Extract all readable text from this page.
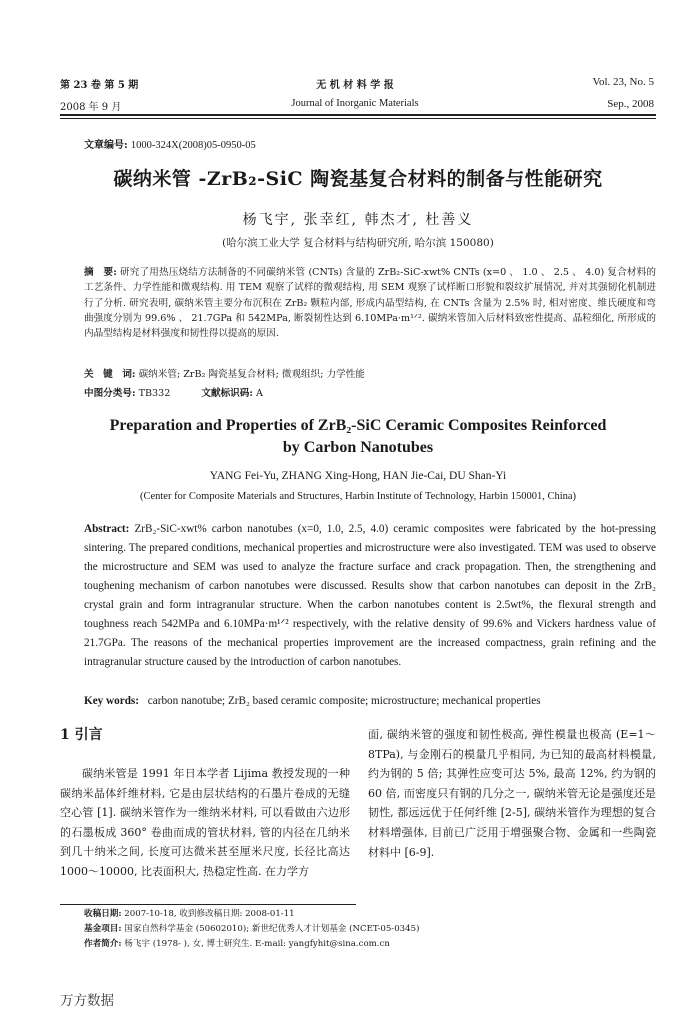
第 23 卷 第 5 期	无 机 材 料 学 报	Vol. 23, No. 5
2008 年 9 月	Journal of Inorganic Materials	Sep., 2008
文章编号: 1000-324X(2008)05-0950-05
碳纳米管 -ZrB₂-SiC 陶瓷基复合材料的制备与性能研究
杨飞宇, 张幸红, 韩杰才, 杜善义
(哈尔滨工业大学 复合材料与结构研究所, 哈尔滨 150080)
摘　要: 研究了用热压烧结方法制备的不同碳纳米管 (CNTs) 含量的 ZrB₂-SiC-xwt% CNTs (x=0 、 1.0 、 2.5 、 4.0) 复合材料的工艺条件、力学性能和微观结构. 用 TEM 观察了试样的微观结构, 用 SEM 观察了试样断口形貌和裂纹扩展情况, 并对其强韧化机制进行了分析. 研究表明, 碳纳米管主要分布沉积在 ZrB₂ 颗粒内部, 形成内晶型结构, 在 CNTs 含量为 2.5% 时, 相对密度、维氏硬度和弯曲强度分别为 99.6% 、 21.7GPa 和 542MPa, 断裂韧性达到 6.10MPa·m¹ᐟ². 碳纳米管加入后材料致密性提高、晶粒细化, 所形成的内晶型结构是材料强度和韧性得以提高的原因.
关　键　词: 碳纳米管; ZrB₂ 陶瓷基复合材料; 微观组织; 力学性能
中图分类号: TB332	文献标识码: A
Preparation and Properties of ZrB₂-SiC Ceramic Composites Reinforced by Carbon Nanotubes
YANG Fei-Yu, ZHANG Xing-Hong, HAN Jie-Cai, DU Shan-Yi
(Center for Composite Materials and Structures, Harbin Institute of Technology, Harbin 150001, China)
Abstract: ZrB₂-SiC-xwt% carbon nanotubes (x=0, 1.0, 2.5, 4.0) ceramic composites were fabricated by the hot-pressing sintering. The prepared conditions, mechanical properties and microstructure were also investigated. TEM was used to observe the microstructure and SEM was used to analyze the fracture surface and crack propagation. Then, the strengthening and toughening mechanism of carbon nanotubes were discussed. Results show that carbon nanotubes can deposit in the ZrB₂ crystal grain and form intragranular structure. When the carbon nanotubes content is 2.5wt%, the flexural strength and toughness reach 542MPa and 6.10MPa·m¹ᐟ² respectively, with the relative density of 99.6% and Vickers hardness value of 21.7GPa. The reasons of the mechanical properties improvement are the increased compactness, grain refining and the intragranular structure caused by the introduction of carbon nanotubes.
Key words: carbon nanotube; ZrB₂ based ceramic composite; microstructure; mechanical properties
1 引言
碳纳米管是 1991 年日本学者 Lijima 教授发现的一种碳纳米晶体纤维材料, 它是由层状结构的石墨片卷成的无缝空心管 [1]. 碳纳米管作为一维纳米材料, 可以看做由六边形的石墨板成 360° 卷曲而成的管状材料, 管的内径在几纳米到几十纳米之间, 长度可达微米甚至厘米尺度, 长径比高达 1000～10000, 比表面积大, 热稳定性高. 在力学方
面, 碳纳米管的强度和韧性极高, 弹性模量也极高 (E=1～8TPa), 与金刚石的模量几乎相同, 为已知的最高材料模量, 约为钢的 5 倍; 其弹性应变可达 5%, 最高 12%, 约为钢的 60 倍, 而密度只有钢的几分之一, 碳纳米管无论是强度还是韧性, 都远远优于任何纤维 [2-5], 碳纳米管作为理想的复合材料增强体, 目前已广泛用于增强聚合物、金属和一些陶瓷材料中 [6-9].
收稿日期: 2007-10-18, 收到修改稿日期: 2008-01-11
基金项目: 国家自然科学基金 (50602010); 新世纪优秀人才计划基金 (NCET-05-0345)
作者简介: 杨飞宇 (1978- ), 女, 博士研究生. E-mail: yangfyhit@sina.com.cn
万方数据
